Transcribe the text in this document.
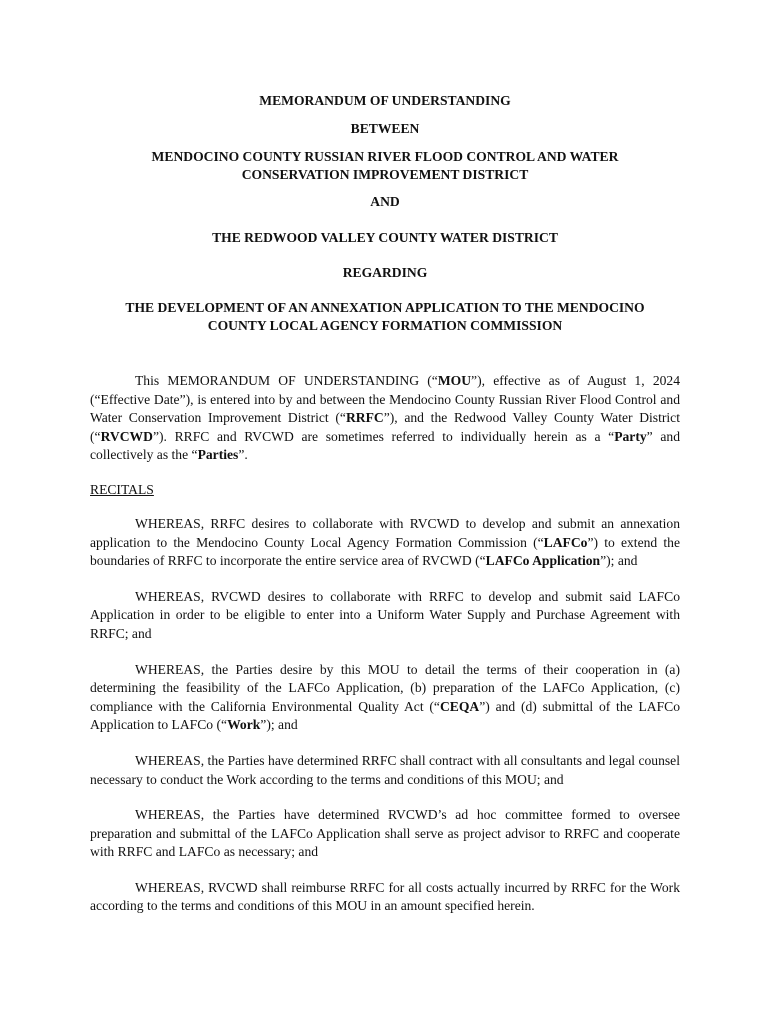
MEMORANDUM OF UNDERSTANDING
BETWEEN
MENDOCINO COUNTY RUSSIAN RIVER FLOOD CONTROL AND WATER CONSERVATION IMPROVEMENT DISTRICT
AND
THE REDWOOD VALLEY COUNTY WATER DISTRICT
REGARDING
THE DEVELOPMENT OF AN ANNEXATION APPLICATION TO THE MENDOCINO COUNTY LOCAL AGENCY FORMATION COMMISSION

This MEMORANDUM OF UNDERSTANDING (“MOU”), effective as of August 1, 2024 (“Effective Date”), is entered into by and between the Mendocino County Russian River Flood Control and Water Conservation Improvement District (“RRFC”), and the Redwood Valley County Water District (“RVCWD”). RRFC and RVCWD are sometimes referred to individually herein as a “Party” and collectively as the “Parties”.

RECITALS

WHEREAS, RRFC desires to collaborate with RVCWD to develop and submit an annexation application to the Mendocino County Local Agency Formation Commission (“LAFCo”) to extend the boundaries of RRFC to incorporate the entire service area of RVCWD (“LAFCo Application”); and

WHEREAS, RVCWD desires to collaborate with RRFC to develop and submit said LAFCo Application in order to be eligible to enter into a Uniform Water Supply and Purchase Agreement with RRFC; and

WHEREAS, the Parties desire by this MOU to detail the terms of their cooperation in (a) determining the feasibility of the LAFCo Application, (b) preparation of the LAFCo Application, (c) compliance with the California Environmental Quality Act (“CEQA”) and (d) submittal of the LAFCo Application to LAFCo (“Work”); and

WHEREAS, the Parties have determined RRFC shall contract with all consultants and legal counsel necessary to conduct the Work according to the terms and conditions of this MOU; and

WHEREAS, the Parties have determined RVCWD’s ad hoc committee formed to oversee preparation and submittal of the LAFCo Application shall serve as project advisor to RRFC and cooperate with RRFC and LAFCo as necessary; and

WHEREAS, RVCWD shall reimburse RRFC for all costs actually incurred by RRFC for the Work according to the terms and conditions of this MOU in an amount specified herein.
